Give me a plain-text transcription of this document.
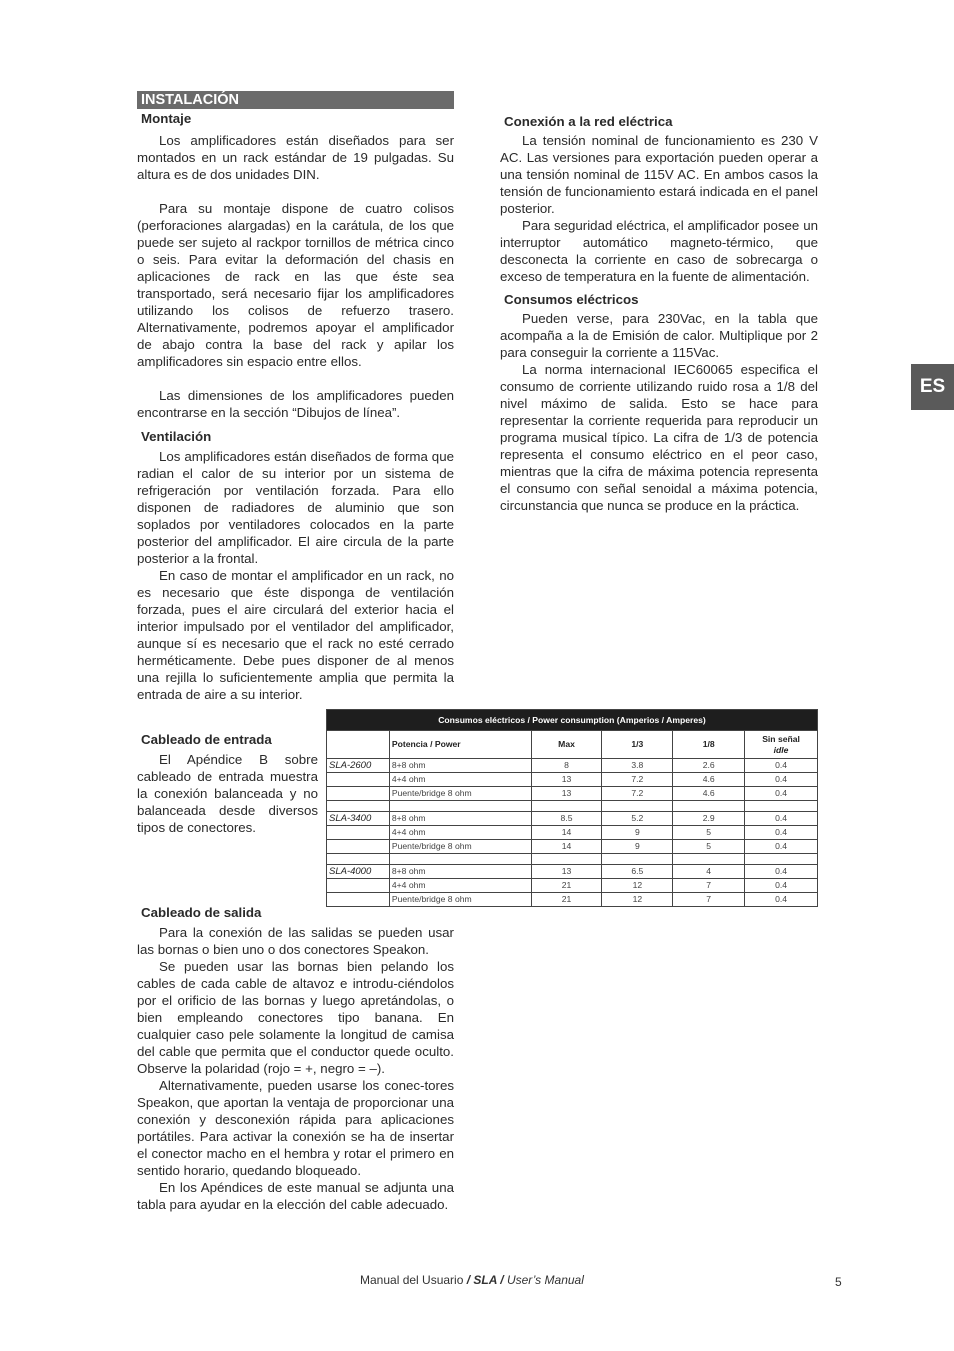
INSTALACIÓN
ES

Montaje

Los amplificadores están diseñados para ser montados en un rack estándar de 19 pulgadas. Su altura es de dos unidades DIN.

Para su montaje dispone de cuatro colisos (perforaciones alargadas) en la carátula, de los que puede ser sujeto al rackpor tornillos de métrica cinco o seis. Para evitar la deformación del chasis en aplicaciones de rack en las que éste sea transportado, será necesario fijar los amplificadores utilizando los colisos de refuerzo trasero. Alternativamente, podremos apoyar el amplificador de abajo contra la base del rack y apilar los amplificadores sin espacio entre ellos.

Las dimensiones de los amplificadores pueden encontrarse en la sección “Dibujos de línea”.

Ventilación

Los amplificadores están diseñados de forma que radian el calor de su interior por un sistema de refrigeración por ventilación forzada. Para ello disponen de radiadores de aluminio que son soplados por ventiladores colocados en la parte posterior del amplificador. El aire circula de la parte posterior a la frontal.

En caso de montar el amplificador en un rack, no es necesario que éste disponga de ventilación forzada, pues el aire circulará del exterior hacia el interior impulsado por el ventilador del amplificador, aunque sí es necesario que el rack no esté cerrado herméticamente. Debe pues disponer de al menos una rejilla lo suficientemente amplia que permita la entrada de aire a su interior.

Cableado de entrada

El Apéndice B sobre cableado de entrada muestra la conexión balanceada y no balanceada desde diversos tipos de conectores.

Cableado de salida

Para la conexión de las salidas se pueden usar las bornas o bien uno o dos conectores Speakon.

Se pueden usar las bornas bien pelando los cables de cada cable de altavoz e introdu-ciéndolos por el orificio de las bornas y luego apretándolas, o bien empleando conectores tipo banana. En cualquier caso pele solamente la longitud de camisa del cable que permita que el conductor quede oculto. Observe la polaridad (rojo = +, negro = –).

Alternativamente, pueden usarse los conec-tores Speakon, que aportan la ventaja de proporcionar una conexión y desconexión rápida para aplicaciones portátiles. Para activar la conexión se ha de insertar el conector macho en el hembra y rotar el primero en sentido horario, quedando bloqueado.

En los Apéndices de este manual se adjunta una tabla para ayudar en la elección del cable adecuado.

Conexión a la red eléctrica

La tensión nominal de funcionamiento es 230 V AC. Las versiones para exportación pueden operar a una tensión nominal de 115V AC. En ambos casos la tensión de funcionamiento estará indicada en el panel posterior.

Para seguridad eléctrica, el amplificador posee un interruptor automático magneto-térmico, que desconecta la corriente en caso de sobrecarga o exceso de temperatura en la fuente de alimentación.

Consumos eléctricos

Pueden verse, para 230Vac, en la tabla que acompaña a la de Emisión de calor. Multiplique por 2 para conseguir la corriente a 115Vac.

La norma internacional IEC60065 especifica el consumo de corriente utilizando ruido rosa a 1/8 del nivel máximo de salida. Esto se hace para representar la corriente requerida para reproducir un programa musical típico. La cifra de 1/3 de potencia representa el consumo eléctrico en el peor caso, mientras que la cifra de máxima potencia representa el consumo con señal senoidal a máxima potencia, circunstancia que nunca se produce en la práctica.

Consumos eléctricos / Power consumption (Amperios / Amperes)					
	Potencia / Power	Max	1/3	1/8	Sin señal
idle

SLA-2600	8+8 ohm	8	3.8	2.6	0.4
	4+4 ohm	13	7.2	4.6	0.4
	Puente/bridge 8 ohm	13	7.2	4.6	0.4

SLA-3400	8+8 ohm	8.5	5.2	2.9	0.4
	4+4 ohm	14	9	5	0.4
	Puente/bridge 8 ohm	14	9	5	0.4

SLA-4000	8+8 ohm	13	6.5	4	0.4
	4+4 ohm	21	12	7	0.4
	Puente/bridge 8 ohm	21	12	7	0.4
Manual del Usuario / SLA / User’s Manual	5
